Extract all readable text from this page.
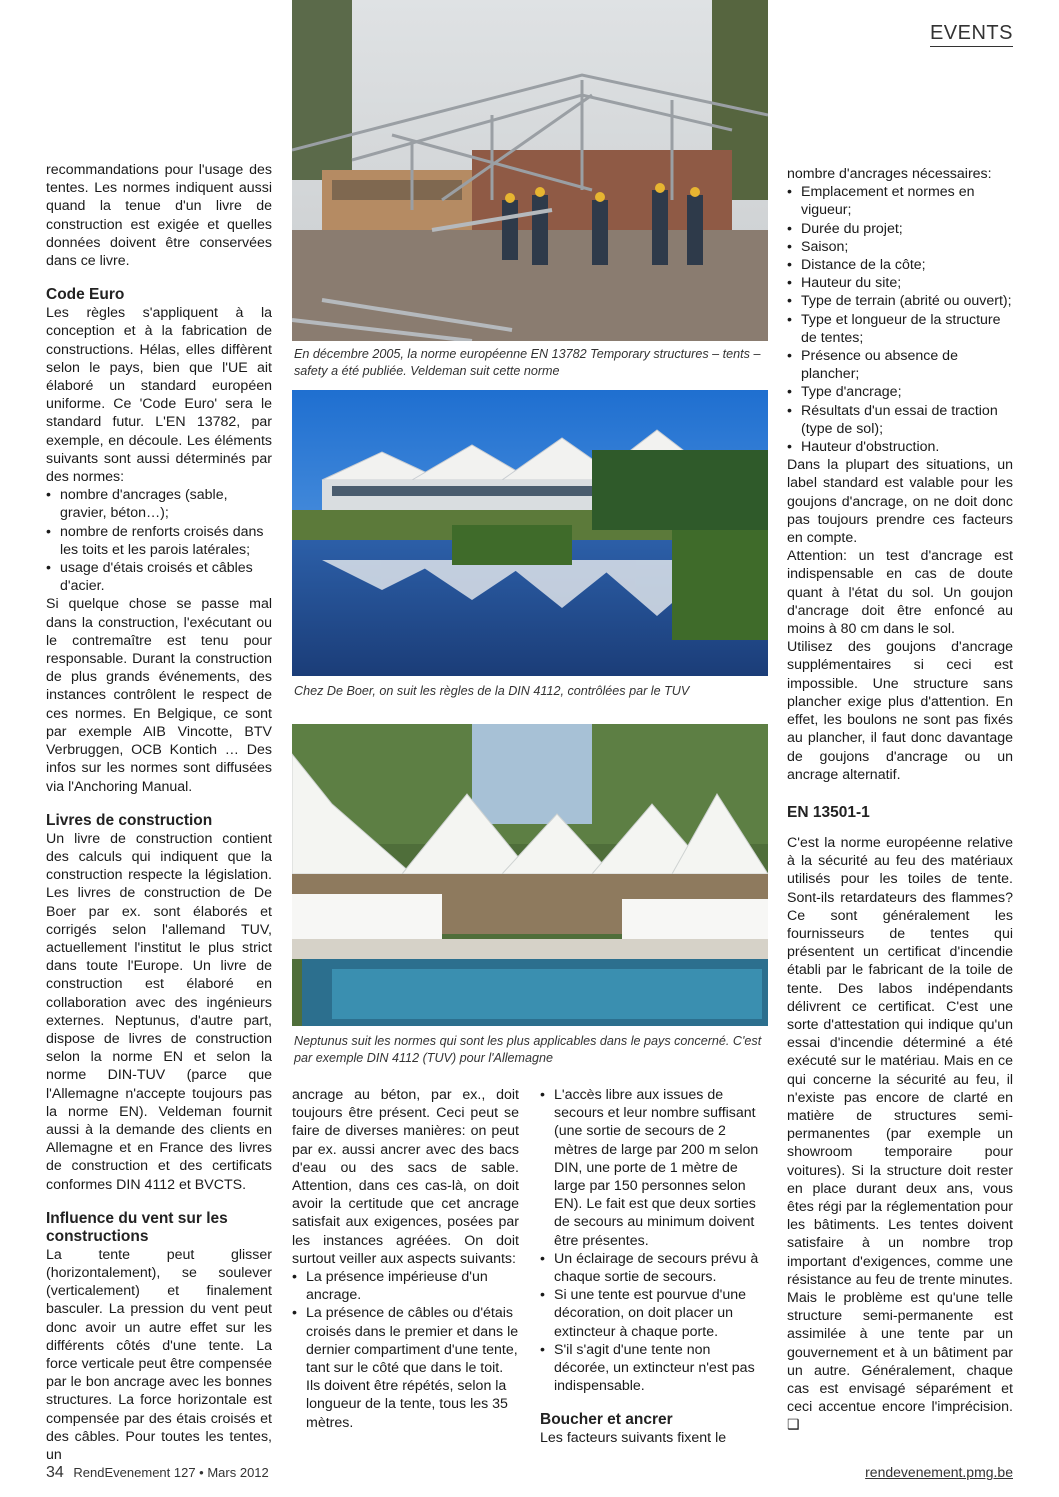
EVENTS

recommandations pour l'usage des tentes. Les normes indiquent aussi quand la tenue d'un livre de construction est exigée et quelles données doivent être conservées dans ce livre.

Code Euro

Les règles s'appliquent à la conception et à la fabrication de constructions. Hélas, elles diffèrent selon le pays, bien que l'UE ait élaboré un standard européen uniforme. Ce 'Code Euro' sera le standard futur. L'EN 13782, par exemple, en découle. Les éléments suivants sont aussi déterminés par des normes:

• nombre d'ancrages (sable, gravier, béton…);
• nombre de renforts croisés dans les toits et les parois latérales;
• usage d'étais croisés et câbles d'acier.

Si quelque chose se passe mal dans la construction, l'exécutant ou le contremaître est tenu pour responsable. Durant la construction de plus grands événements, des instances contrôlent le respect de ces normes. En Belgique, ce sont par exemple AIB Vincotte, BTV Verbruggen, OCB Kontich … Des infos sur les normes sont diffusées via l'Anchoring Manual.

Livres de construction

Un livre de construction contient des calculs qui indiquent que la construction respecte la législation. Les livres de construction de De Boer par ex. sont élaborés et corrigés selon l'allemand TUV, actuellement l'institut le plus strict dans toute l'Europe. Un livre de construction est élaboré en collaboration avec des ingénieurs externes. Neptunus, d'autre part, dispose de livres de construction selon la norme EN et selon la norme DIN-TUV (parce que l'Allemagne n'accepte toujours pas la norme EN). Veldeman fournit aussi à la demande des clients en Allemagne et en France des livres de construction et des certificats conformes DIN 4112 et BVCTS.

Influence du vent sur les constructions

La tente peut glisser (horizontalement), se soulever (verticalement) et finalement basculer. La pression du vent peut donc avoir un autre effet sur les différents côtés d'une tente. La force verticale peut être compensée par le bon ancrage avec les bonnes structures. La force horizontale est compensée par des étais croisés et des câbles. Pour toutes les tentes, un

En décembre 2005, la norme européenne EN 13782 Temporary structures – tents – safety a été publiée. Veldeman suit cette norme
Chez De Boer, on suit les règles de la DIN 4112, contrôlées par le TUV
Neptunus suit les normes qui sont les plus applicables dans le pays concerné. C'est par exemple DIN 4112 (TUV) pour l'Allemagne

ancrage au béton, par ex., doit toujours être présent. Ceci peut se faire de diverses manières: on peut par ex. aussi ancrer avec des bacs d'eau ou des sacs de sable. Attention, dans ces cas-là, on doit avoir la certitude que cet ancrage satisfait aux exigences, posées par les instances agréées. On doit surtout veiller aux aspects suivants:

• La présence impérieuse d'un ancrage.
• La présence de câbles ou d'étais croisés dans le premier et dans le dernier compartiment d'une tente, tant sur le côté que dans le toit. Ils doivent être répétés, selon la longueur de la tente, tous les 35 mètres.
• L'accès libre aux issues de secours et leur nombre suffisant (une sortie de secours de 2 mètres de large par 200 m selon DIN, une porte de 1 mètre de large par 150 personnes selon EN). Le fait est que deux sorties de secours au minimum doivent être présentes.
• Un éclairage de secours prévu à chaque sortie de secours.
• Si une tente est pourvue d'une décoration, on doit placer un extincteur à chaque porte.
• S'il s'agit d'une tente non décorée, un extincteur n'est pas indispensable.

Boucher et ancrer

Les facteurs suivants fixent le

nombre d'ancrages nécessaires:

• Emplacement et normes en vigueur;
• Durée du projet;
• Saison;
• Distance de la côte;
• Hauteur du site;
• Type de terrain (abrité ou ouvert);
• Type et longueur de la structure de tentes;
• Présence ou absence de plancher;
• Type d'ancrage;
• Résultats d'un essai de traction (type de sol);
• Hauteur d'obstruction.

Dans la plupart des situations, un label standard est valable pour les goujons d'ancrage, on ne doit donc pas toujours prendre ces facteurs en compte.

Attention: un test d'ancrage est indispensable en cas de doute quant à l'état du sol. Un goujon d'ancrage doit être enfoncé au moins à 80 cm dans le sol.

Utilisez des goujons d'ancrage supplémentaires si ceci est impossible. Une structure sans plancher exige plus d'attention. En effet, les boulons ne sont pas fixés au plancher, il faut donc davantage de goujons d'ancrage ou un ancrage alternatif.

EN 13501-1

C'est la norme européenne relative à la sécurité au feu des matériaux utilisés pour les toiles de tente. Sont-ils retardateurs des flammes? Ce sont généralement les fournisseurs de tentes qui présentent un certificat d'incendie établi par le fabricant de la toile de tente. Des labos indépendants délivrent ce certificat. C'est une sorte d'attestation qui indique qu'un essai d'incendie déterminé a été exécuté sur le matériau. Mais en ce qui concerne la sécurité au feu, il n'existe pas encore de clarté en matière de structures semi-permanentes (par exemple un showroom temporaire pour voitures). Si la structure doit rester en place durant deux ans, vous êtes régi par la réglementation pour les bâtiments. Les tentes doivent satisfaire à un nombre trop important d'exigences, comme une résistance au feu de trente minutes. Mais le problème est qu'une telle structure semi-permanente est assimilée à une tente par un gouvernement et à un bâtiment par un autre. Généralement, chaque cas est envisagé séparément et ceci accentue encore l'imprécision. ❑

34 RendEvenement 127 • Mars 2012	rendevenement.pmg.be
